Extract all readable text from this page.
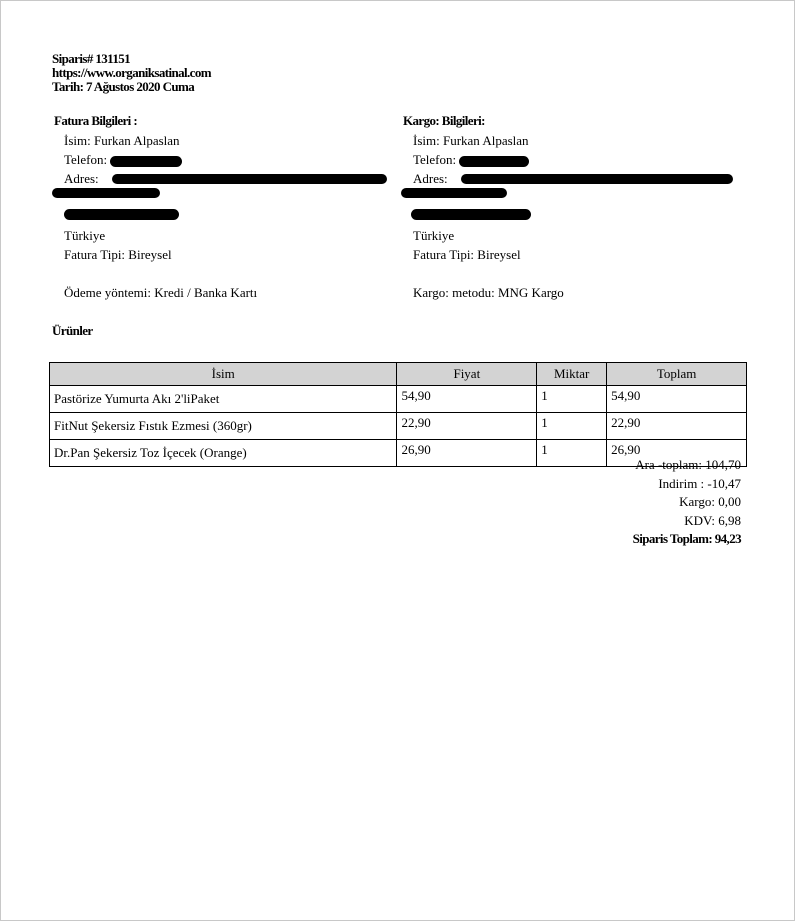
Siparis# 131151
https://www.organiksatinal.com
Tarih: 7 Ağustos 2020 Cuma
Fatura Bilgileri :
İsim: Furkan Alpaslan
Telefon:
Adres:
Türkiye
Fatura Tipi: Bireysel
Ödeme yöntemi: Kredi / Banka Kartı
Kargo: Bilgileri:
İsim: Furkan Alpaslan
Telefon:
Adres:
Türkiye
Fatura Tipi: Bireysel
Kargo: metodu: MNG Kargo
Ürünler
İsim	Fiyat	Miktar	Toplam
Pastörize Yumurta Akı 2'liPaket	54,90	1	54,90
FitNut Şekersiz Fıstık Ezmesi (360gr)	22,90	1	22,90
Dr.Pan Şekersiz Toz İçecek (Orange)	26,90	1	26,90
Ara -toplam: 104,70
Indirim : -10,47
Kargo: 0,00
KDV: 6,98
Siparis Toplam: 94,23
